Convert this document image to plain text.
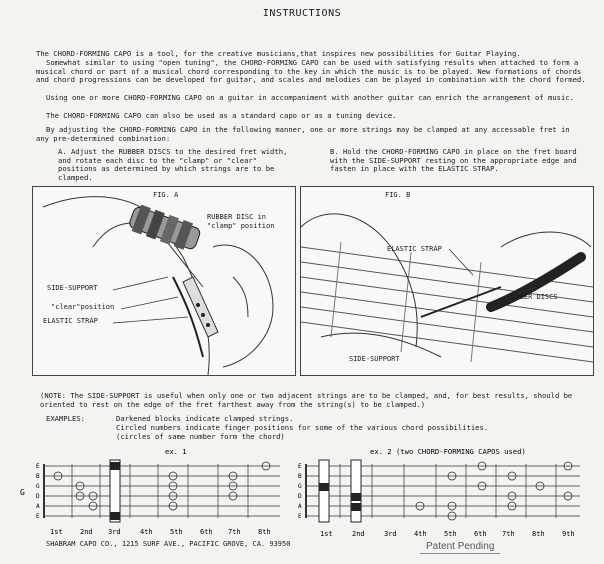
INSTRUCTIONS
The CHORD-FORMING CAPO is a tool, for the creative musicians,that inspires new possibilities for Guitar Playing.
Somewhat similar to using "open tuning", the CHORD-FORMING CAPO can be used with satisfying results when attached to form a musical chord or part of a musical chord corresponding to the key in which the music is to be played. New formations of chords and chord progressions can be developed for guitar, and scales and melodies can be played in combination with the chord formed.
Using one or more CHORD-FORMING CAPO on a guitar in accompaniment with another guitar can enrich the arrangement of music.
The CHORD-FORMING CAPO can also be used as a standard capo or as a tuning device.
By adjusting the CHORD-FORMING CAPO in the following manner, one or more strings may be clamped at any accessable fret in any pre-determined combination:
A. Adjust the RUBBER DISCS to the desired fret width, and rotate each disc to the "clamp" or "clear" positions as determined by which strings are to be clamped.
B. Hold the CHORD-FORMING CAPO in place on the fret board with the SIDE-SUPPORT resting on the appropriate edge and fasten in place with the ELASTIC STRAP.
FIG. A
RUBBER DISC in
"clamp" position
SIDE-SUPPORT
"clear"position
ELASTIC STRAP
FIG. B
ELASTIC STRAP
RUBBER DISCS
SIDE-SUPPORT
(NOTE: The SIDE-SUPPORT is useful when only one or two adjacent strings are to be clamped, and, for best results, should be oriented to rest on the edge of the fret farthest away from the string(s) to be clamped.)
EXAMPLES:	Darkened blocks indicate clamped strings.
Circled numbers indicate finger positions for some of the various chord possibilities.
(circles of same number form the chord)
ex. 1	ex. 2 (two CHORD-FORMING CAPOS used)
G
E
B
G
D
A
E
1st 2nd 3rd	4th 5th 6th 7th 8th
E
B
G
D
A
E
1st	2nd	3rd 4th 5th 6th 7th 8th 9th
SHABRAM CAPO CO., 1215 SURF AVE., PACIFIC GROVE, CA. 93950	Patent Pending
